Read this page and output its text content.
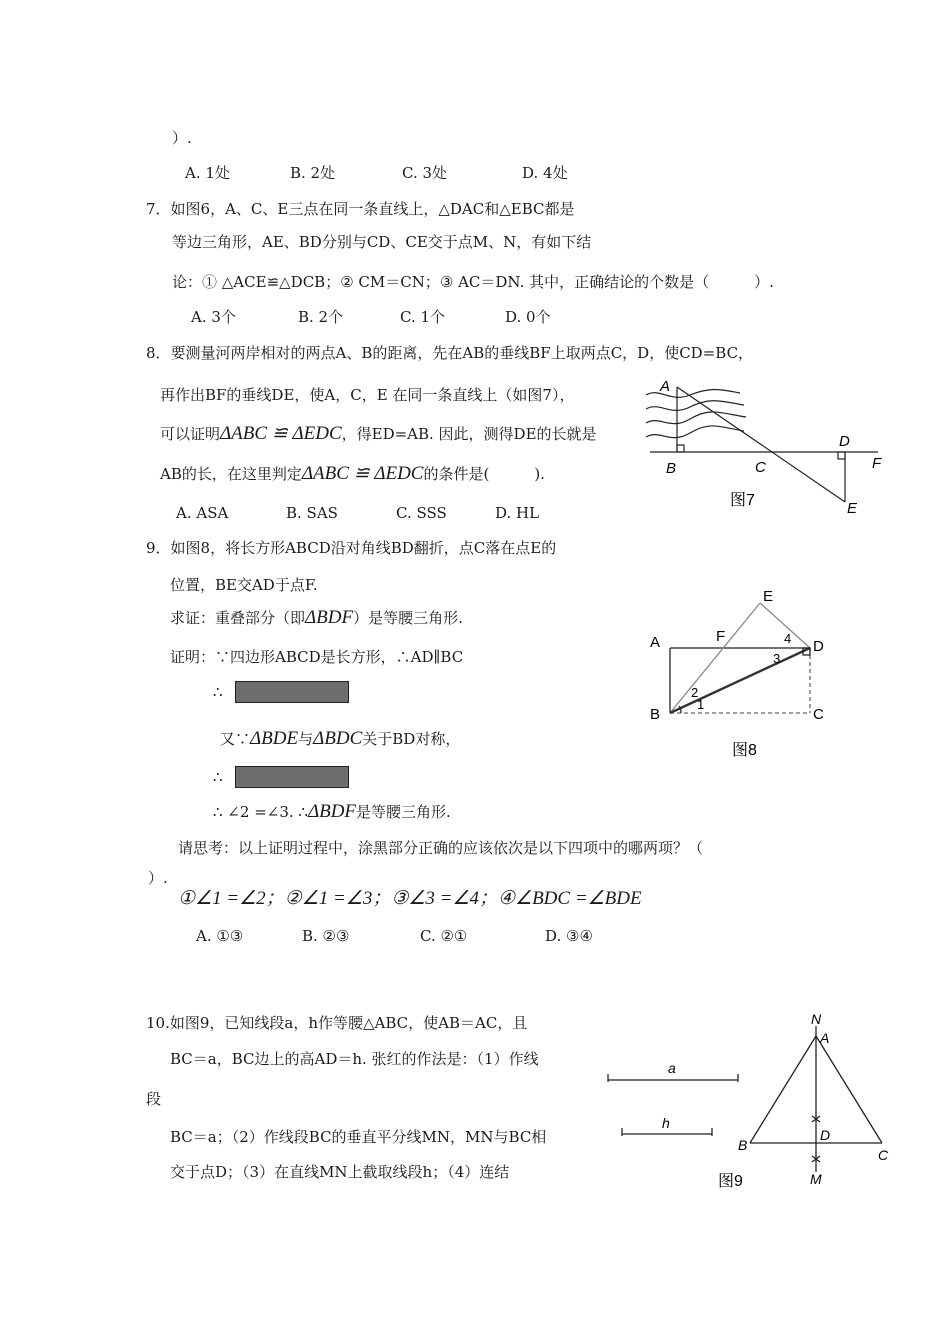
）.
A. 1处	B. 2处	C. 3处	D. 4处
7．如图6，A、C、E三点在同一条直线上，△DAC和△EBC都是
等边三角形，AE、BD分别与CD、CE交于点M、N，有如下结
论：① △ACE≌△DCB；② CM＝CN；③ AC＝DN. 其中，正确结论的个数是（　　　）.
A. 3个	B. 2个	C. 1个	D. 0个
8．要测量河两岸相对的两点A、B的距离，先在AB的垂线BF上取两点C，D，使CD=BC，
再作出BF的垂线DE，使A，C，E 在同一条直线上（如图7），
可以证明ΔABC ≌ ΔEDC，得ED=AB. 因此，测得DE的长就是
AB的长，在这里判定ΔABC ≌ ΔEDC的条件是(　　　).
A. ASA	B. SAS	C. SSS	D. HL
A
B	C
D
F
E
图7
9．如图8，将长方形ABCD沿对角线BD翻折，点C落在点E的
位置，BE交AD于点F.
求证：重叠部分（即ΔBDF）是等腰三角形.
证明：∵四边形ABCD是长方形，∴AD∥BC
∴
又∵ΔBDE与ΔBDC关于BD对称，
∴
∴ ∠2 =∠3. ∴ΔBDF是等腰三角形.
请思考：以上证明过程中，涂黑部分正确的应该依次是以下四项中的哪两项？（
）.
①∠1 =∠2；②∠1 =∠3；③∠3 =∠4；④∠BDC =∠BDE
A. ①③	B. ②③	C. ②①	D. ③④
A
B	C
D
E
F
1
2
3
4
图8
10.如图9，已知线段a，h作等腰△ABC，使AB＝AC，且
BC＝a，BC边上的高AD＝h. 张红的作法是：（1）作线
段
BC＝a；（2）作线段BC的垂直平分线MN，MN与BC相
交于点D；（3）在直线MN上截取线段h；（4）连结
a
h
N
A
B
C
D
M
图9
